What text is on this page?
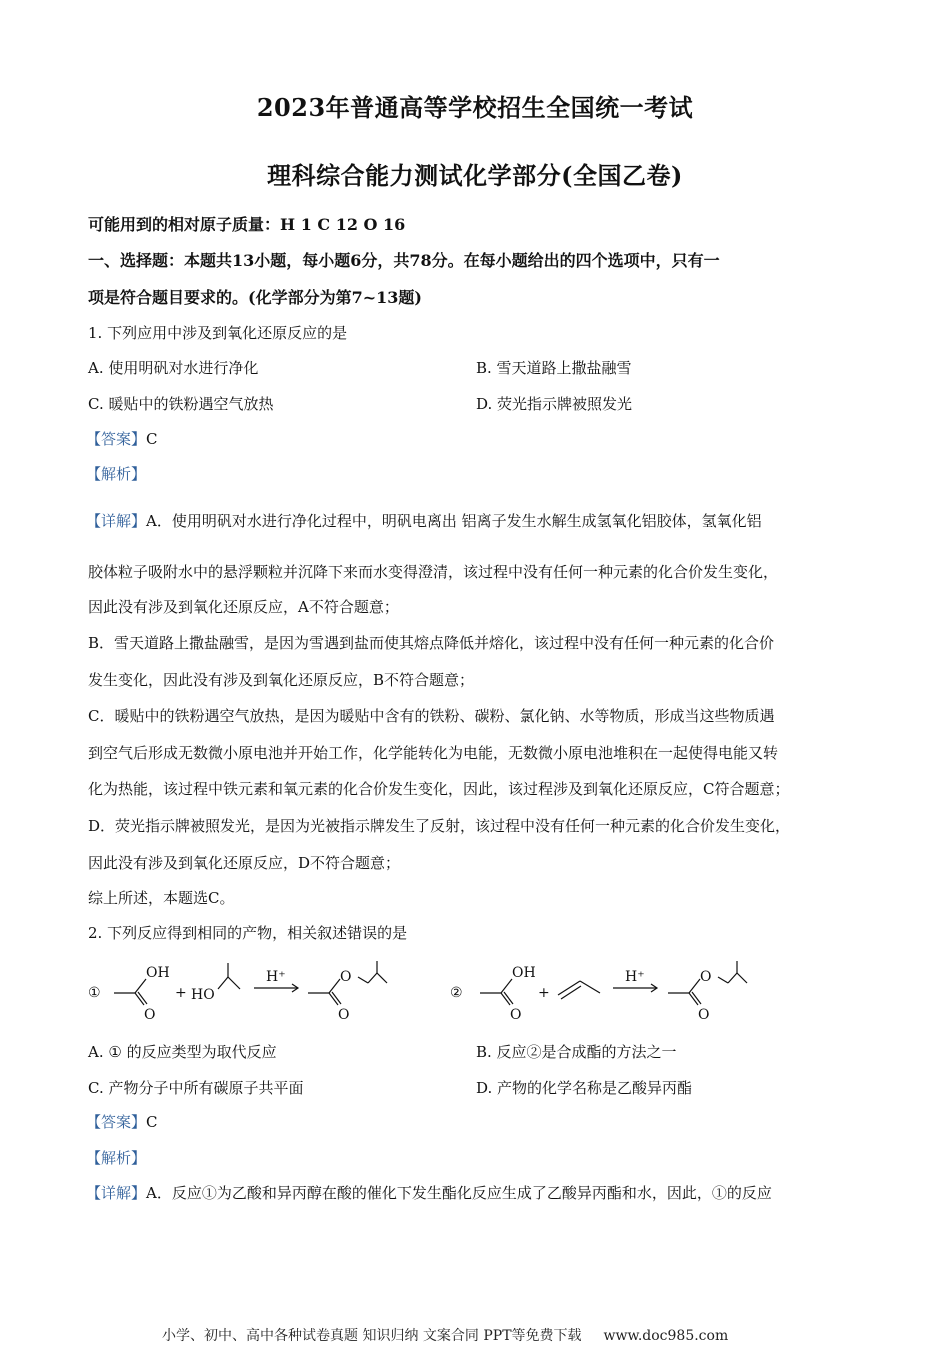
2023年普通高等学校招生全国统一考试
理科综合能力测试化学部分(全国乙卷)
可能用到的相对原子质量：H 1 C 12 O 16
一、选择题：本题共13小题，每小题6分，共78分。在每小题给出的四个选项中，只有一
项是符合题目要求的。(化学部分为第7~13题)
1. 下列应用中涉及到氧化还原反应的是
A. 使用明矾对水进行净化	B. 雪天道路上撒盐融雪
C. 暖贴中的铁粉遇空气放热	D. 荧光指示牌被照发光
【答案】C
【解析】
【详解】A．使用明矾对水进行净化过程中，明矾电离出 铝离子发生水解生成氢氧化铝胶体，氢氧化铝
胶体粒子吸附水中的悬浮颗粒并沉降下来而水变得澄清，该过程中没有任何一种元素的化合价发生变化，
因此没有涉及到氧化还原反应，A不符合题意；
B．雪天道路上撒盐融雪，是因为雪遇到盐而使其熔点降低并熔化，该过程中没有任何一种元素的化合价
发生变化，因此没有涉及到氧化还原反应，B不符合题意；
C．暖贴中的铁粉遇空气放热，是因为暖贴中含有的铁粉、碳粉、氯化钠、水等物质，形成当这些物质遇
到空气后形成无数微小原电池并开始工作，化学能转化为电能，无数微小原电池堆积在一起使得电能又转
化为热能，该过程中铁元素和氧元素的化合价发生变化，因此，该过程涉及到氧化还原反应，C符合题意；
D．荧光指示牌被照发光，是因为光被指示牌发生了反射，该过程中没有任何一种元素的化合价发生变化，
因此没有涉及到氧化还原反应，D不符合题意；
综上所述，本题选C。
2. 下列反应得到相同的产物，相关叙述错误的是
①
OH
O
+ HO
H⁺	O
O
②
OH
O
+
H⁺	O
O
A. ① 的反应类型为取代反应	B. 反应②是合成酯的方法之一
C. 产物分子中所有碳原子共平面	D. 产物的化学名称是乙酸异丙酯
【答案】C
【解析】
【详解】A．反应①为乙酸和异丙醇在酸的催化下发生酯化反应生成了乙酸异丙酯和水，因此，①的反应
小学、初中、高中各种试卷真题 知识归纳 文案合同 PPT等免费下载 www.doc985.com
